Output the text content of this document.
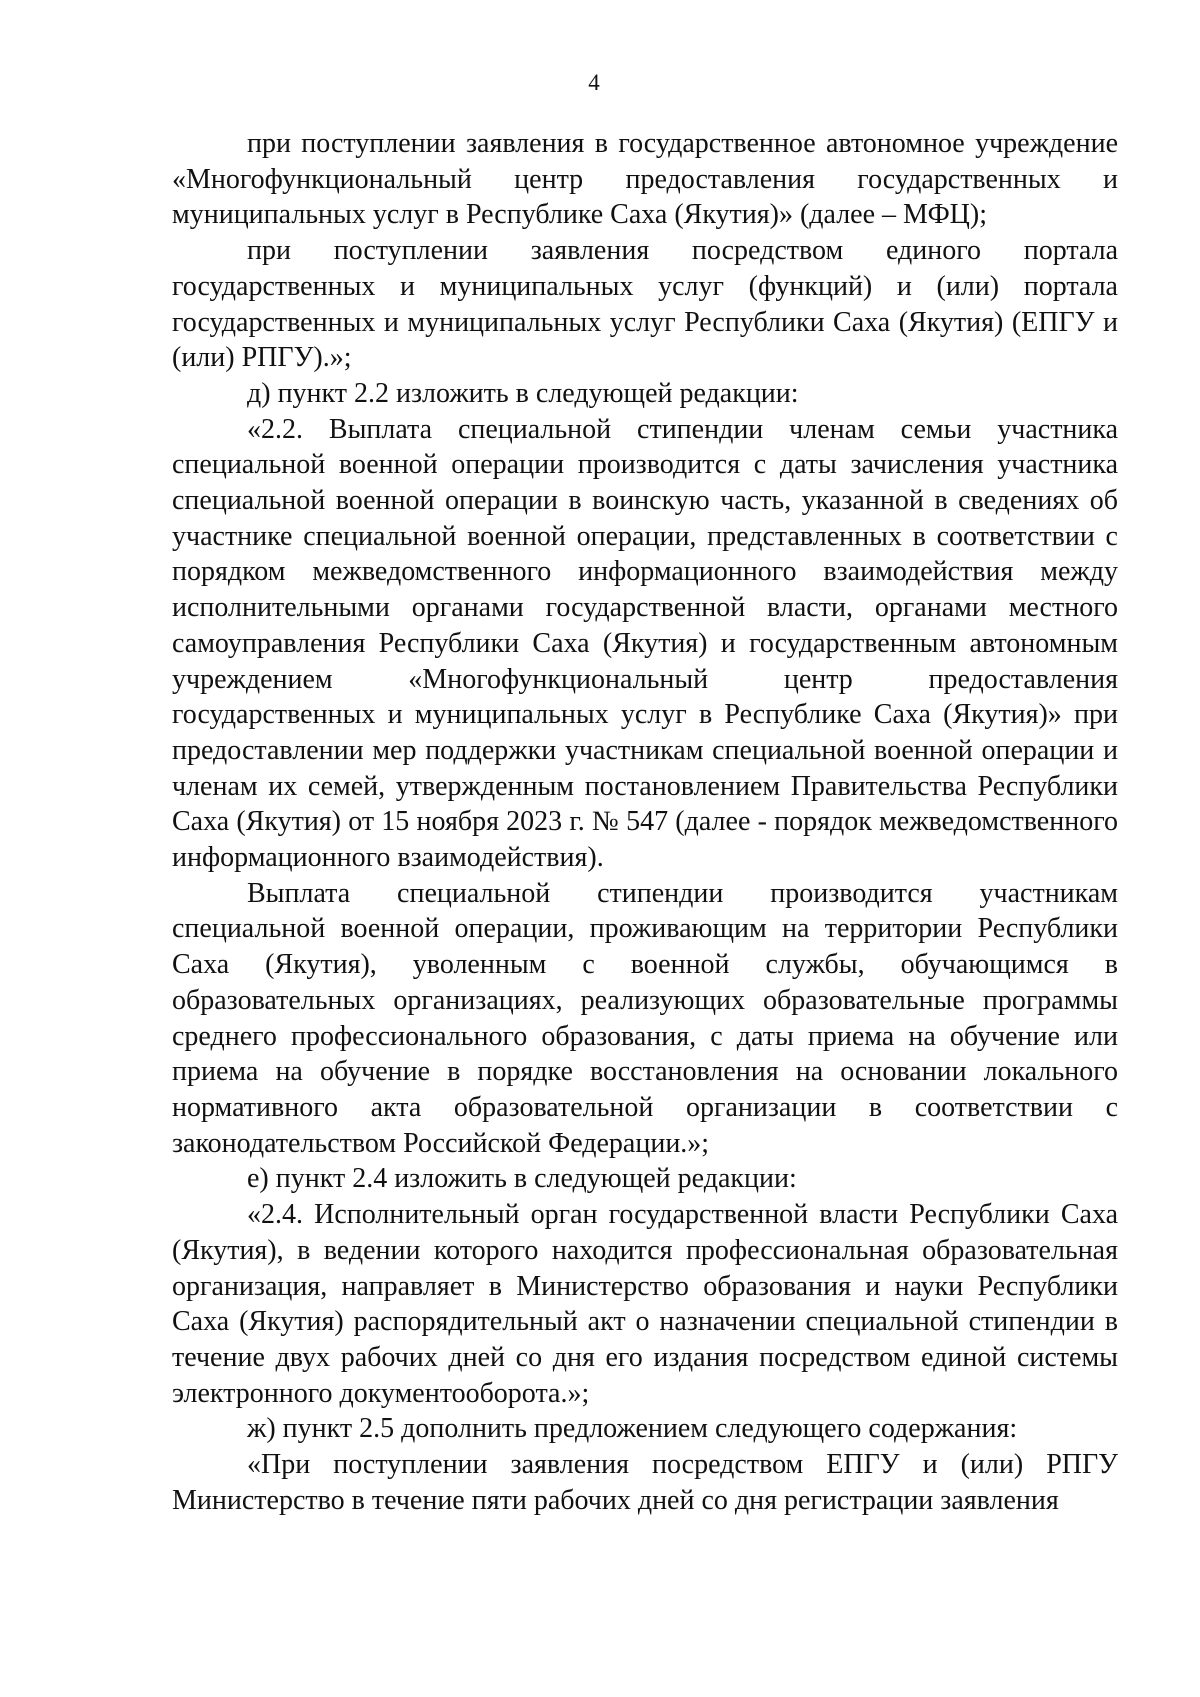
4

при поступлении заявления в государственное автономное учреждение «Многофункциональный центр предоставления государственных и муниципальных услуг в Республике Саха (Якутия)» (далее – МФЦ);

при поступлении заявления посредством единого портала государственных и муниципальных услуг (функций) и (или) портала государственных и муниципальных услуг Республики Саха (Якутия) (ЕПГУ и (или) РПГУ).»;

д) пункт 2.2 изложить в следующей редакции:

«2.2. Выплата специальной стипендии членам семьи участника специальной военной операции производится с даты зачисления участника специальной военной операции в воинскую часть, указанной в сведениях об участнике специальной военной операции, представленных в соответствии с порядком межведомственного информационного взаимодействия между исполнительными органами государственной власти, органами местного самоуправления Республики Саха (Якутия) и государственным автономным учреждением «Многофункциональный центр предоставления государственных и муниципальных услуг в Республике Саха (Якутия)» при предоставлении мер поддержки участникам специальной военной операции и членам их семей, утвержденным постановлением Правительства Республики Саха (Якутия) от 15 ноября 2023 г. № 547 (далее - порядок межведомственного информационного взаимодействия).

Выплата специальной стипендии производится участникам специальной военной операции, проживающим на территории Республики Саха (Якутия), уволенным с военной службы, обучающимся в образовательных организациях, реализующих образовательные программы среднего профессионального образования, с даты приема на обучение или приема на обучение в порядке восстановления на основании локального нормативного акта образовательной организации в соответствии с законодательством Российской Федерации.»;

е) пункт 2.4 изложить в следующей редакции:

«2.4. Исполнительный орган государственной власти Республики Саха (Якутия), в ведении которого находится профессиональная образовательная организация, направляет в Министерство образования и науки Республики Саха (Якутия) распорядительный акт о назначении специальной стипендии в течение двух рабочих дней со дня его издания посредством единой системы электронного документооборота.»;

ж) пункт 2.5 дополнить предложением следующего содержания:

«При поступлении заявления посредством ЕПГУ и (или) РПГУ Министерство в течение пяти рабочих дней со дня регистрации заявления
